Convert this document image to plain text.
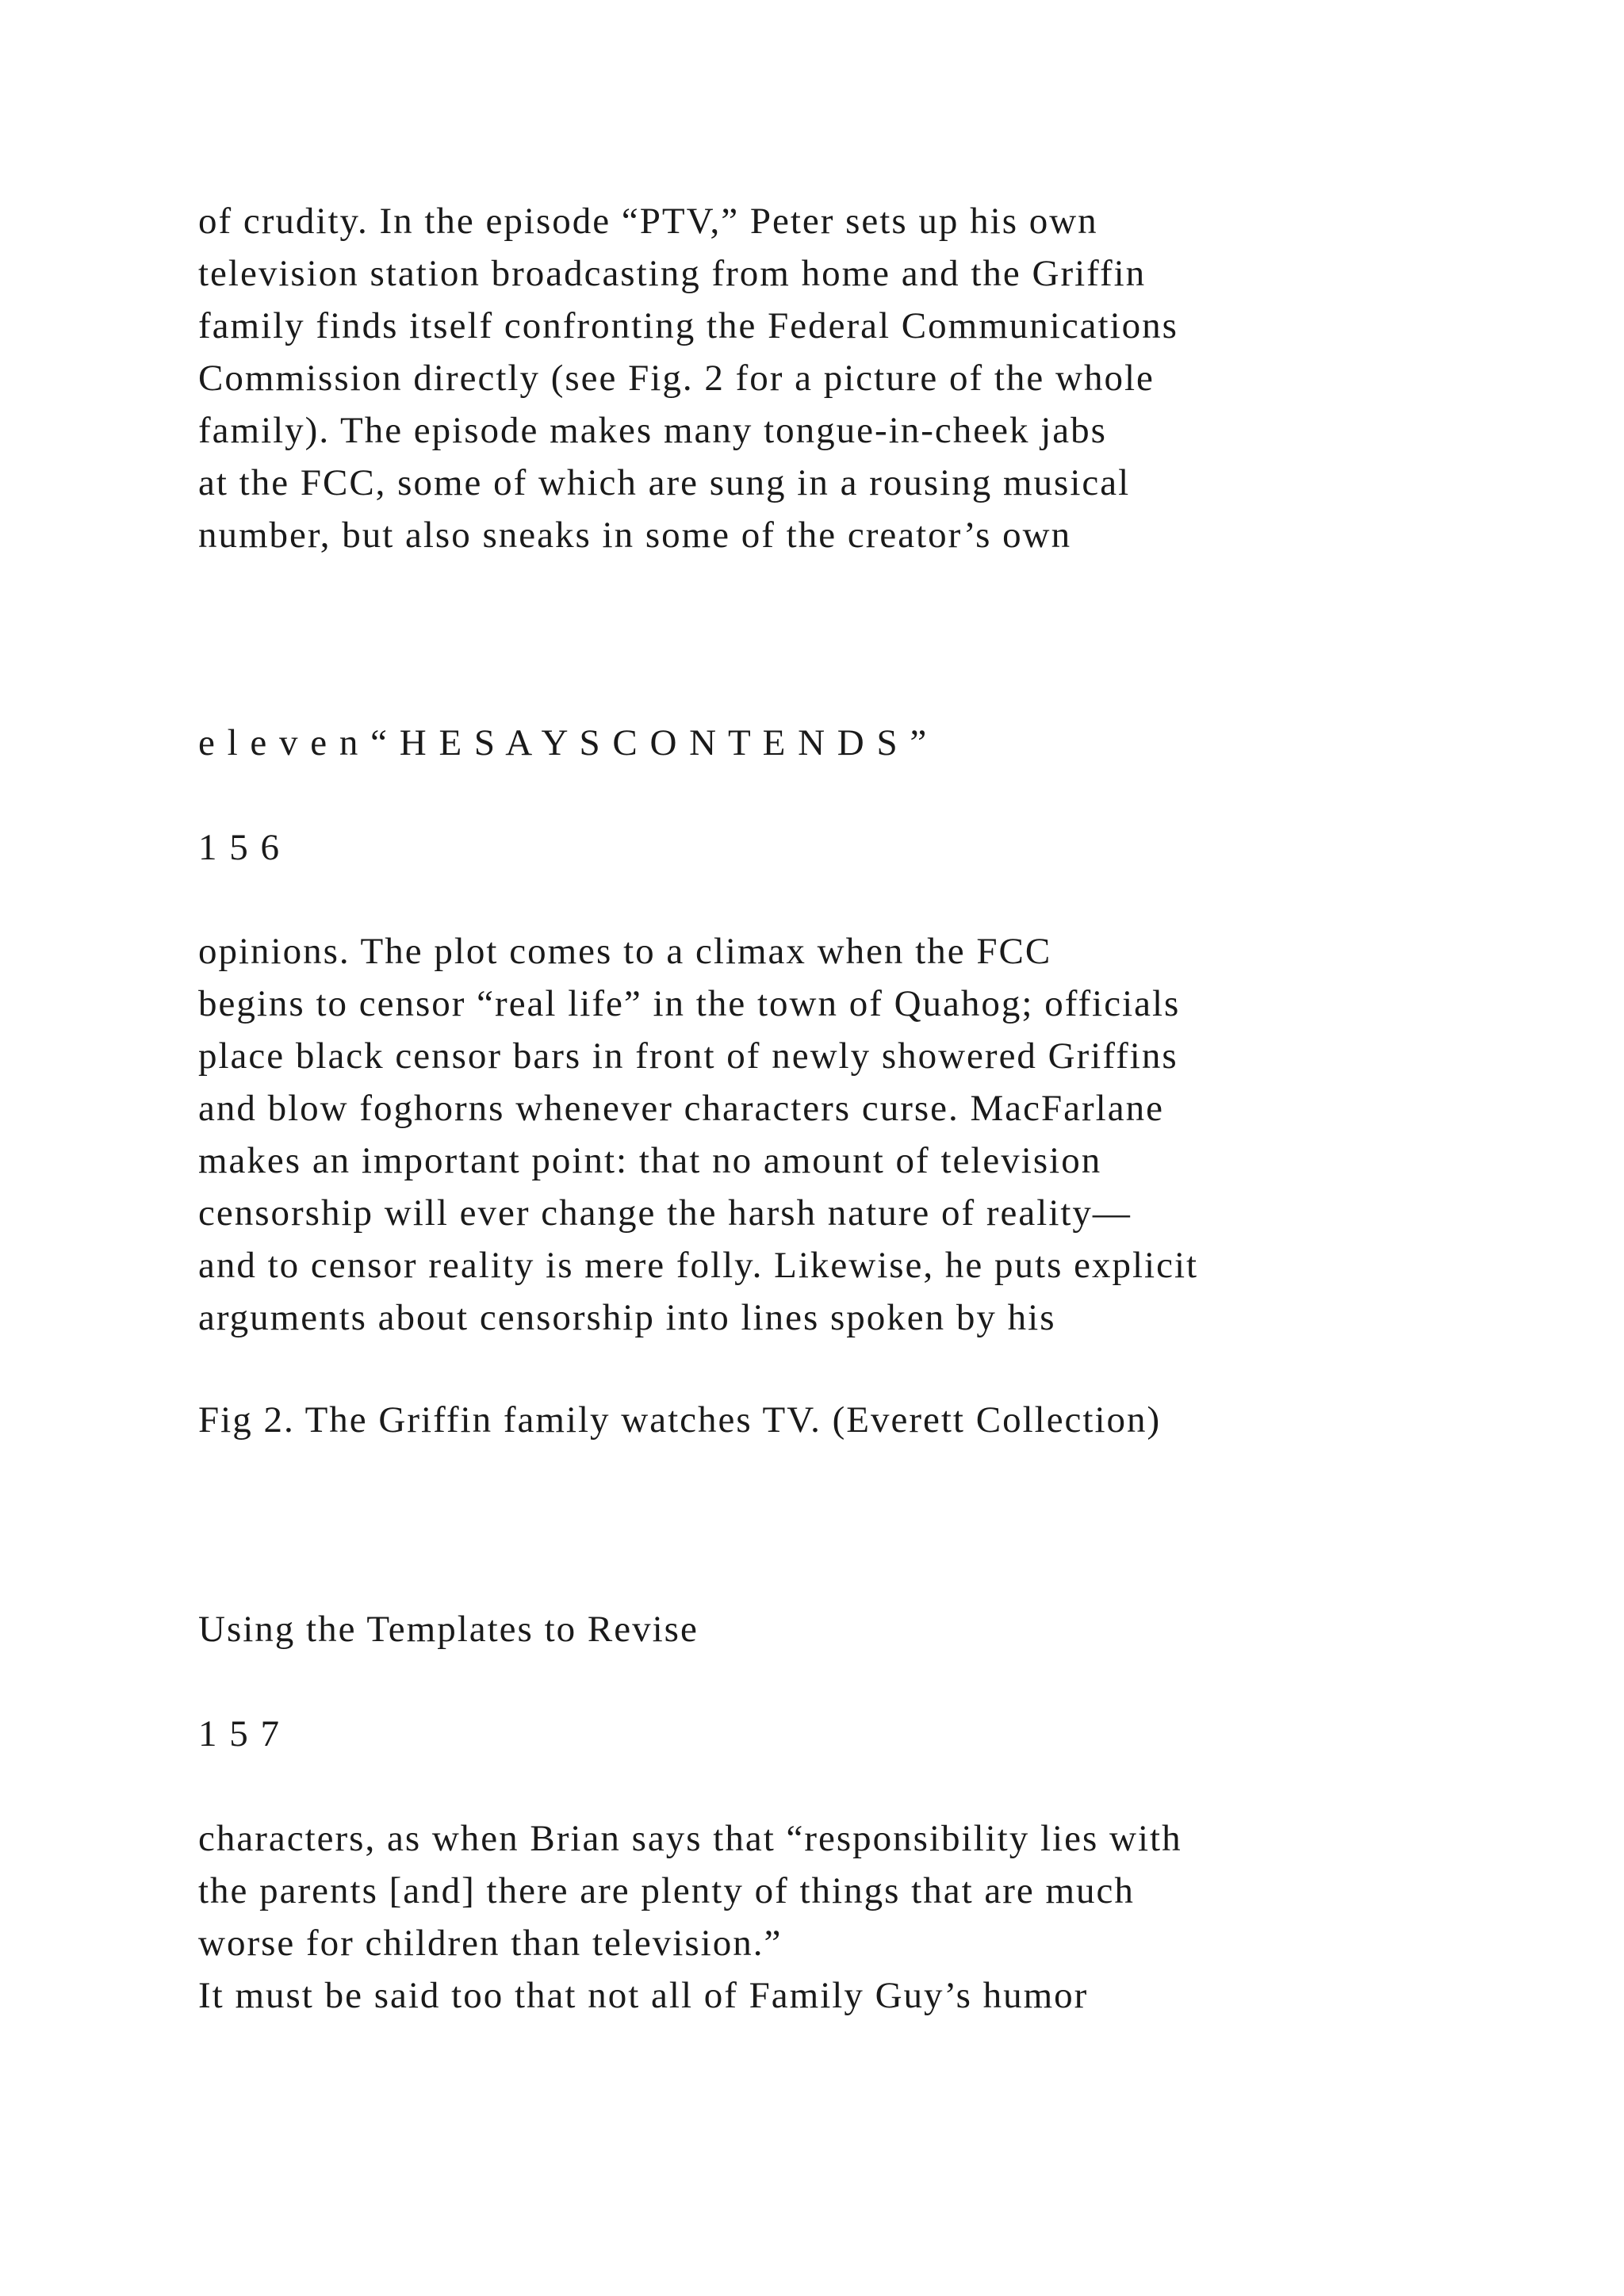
of crudity. In the episode “PTV,” Peter sets up his own
television station broadcasting from home and the Griffin
family finds itself confronting the Federal Communications
Commission directly (see Fig. 2 for a picture of the whole
family). The episode makes many tongue-in-cheek jabs
at the FCC, some of which are sung in a rousing musical
number, but also sneaks in some of the creator’s own

e l e v e n “ H E S A Y S C O N T E N D S ”

1 5 6

opinions. The plot comes to a climax when the FCC
begins to censor “real life” in the town of Quahog; officials
place black censor bars in front of newly showered Griffins
and blow foghorns whenever characters curse. MacFarlane
makes an important point: that no amount of television
censorship will ever change the harsh nature of reality—
and to censor reality is mere folly. Likewise, he puts explicit
arguments about censorship into lines spoken by his

Fig 2. The Griffin family watches TV. (Everett Collection)

Using the Templates to Revise

1 5 7

characters, as when Brian says that “responsibility lies with
the parents [and] there are plenty of things that are much
worse for children than television.”

It must be said too that not all of Family Guy’s humor
